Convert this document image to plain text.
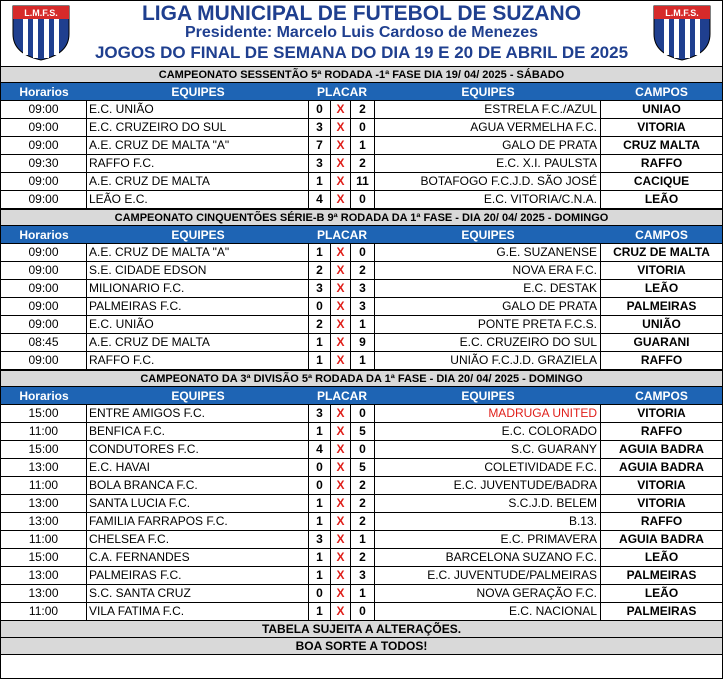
L.M.F.S.	L.M.F.S.
LIGA MUNICIPAL DE FUTEBOL DE SUZANO
Presidente: Marcelo Luis Cardoso de Menezes
JOGOS DO FINAL DE SEMANA DO DIA 19 E 20 DE ABRIL DE 2025
CAMPEONATO SESSENTÃO 5ª RODADA -1ª FASE DIA 19/ 04/ 2025 - SÁBADO
Horarios	EQUIPES	PLACAR	EQUIPES	CAMPOS
09:00	E.C. UNIÃO	0	X	2	ESTRELA F.C./AZUL	UNIAO
09:00	E.C. CRUZEIRO DO SUL	3	X	0	AGUA VERMELHA F.C.	VITORIA
09:00	A.E. CRUZ DE MALTA "A"	7	X	1	GALO DE PRATA	CRUZ MALTA
09:30	RAFFO F.C.	3	X	2	E.C. X.I. PAULSTA	RAFFO
09:00	A.E. CRUZ DE MALTA	1	X 11	BOTAFOGO F.C.J.D. SÃO JOSÉ	CACIQUE
09:00	LEÃO E.C.	4	X	0	E.C. VITORIA/C.N.A.	LEÃO
CAMPEONATO CINQUENTÕES SÉRIE-B 9ª RODADA DA 1ª FASE - DIA 20/ 04/ 2025 - DOMINGO
Horarios	EQUIPES	PLACAR	EQUIPES	CAMPOS
09:00	A.E. CRUZ DE MALTA "A"	1	X	0	G.E. SUZANENSE	CRUZ DE MALTA
09:00	S.E. CIDADE EDSON	2	X	2	NOVA ERA F.C.	VITORIA
09:00	MILIONARIO F.C.	3	X	3	E.C. DESTAK	LEÃO
09:00	PALMEIRAS F.C.	0	X	3	GALO DE PRATA	PALMEIRAS
09:00	E.C. UNIÃO	2	X	1	PONTE PRETA F.C.S.	UNIÃO
08:45	A.E. CRUZ DE MALTA	1	X	9	E.C. CRUZEIRO DO SUL	GUARANI
09:00	RAFFO F.C.	1	X	1	UNIÃO F.C.J.D. GRAZIELA	RAFFO
CAMPEONATO DA 3ª DIVISÃO 5ª RODADA DA 1ª FASE - DIA 20/ 04/ 2025 - DOMINGO
Horarios	EQUIPES	PLACAR	EQUIPES	CAMPOS
15:00	ENTRE AMIGOS F.C.	3	X	0	MADRUGA UNITED	VITORIA
11:00	BENFICA F.C.	1	X	5	E.C. COLORADO	RAFFO
15:00	CONDUTORES F.C.	4	X	0	S.C. GUARANY	AGUIA BADRA
13:00	E.C. HAVAI	0	X	5	COLETIVIDADE F.C.	AGUIA BADRA
11:00	BOLA BRANCA F.C.	0	X	2	E.C. JUVENTUDE/BADRA	VITORIA
13:00	SANTA LUCIA F.C.	1	X	2	S.C.J.D. BELEM	VITORIA
13:00	FAMILIA FARRAPOS F.C.	1	X	2	B.13.	RAFFO
11:00	CHELSEA F.C.	3	X	1	E.C. PRIMAVERA	AGUIA BADRA
15:00	C.A. FERNANDES	1	X	2	BARCELONA SUZANO F.C.	LEÃO
13:00	PALMEIRAS F.C.	1	X	3	E.C. JUVENTUDE/PALMEIRAS	PALMEIRAS
13:00	S.C. SANTA CRUZ	0	X	1	NOVA GERAÇÃO F.C.	LEÃO
11:00	VILA FATIMA F.C.	1	X	0	E.C. NACIONAL	PALMEIRAS
TABELA SUJEITA A ALTERAÇÕES.
BOA SORTE A TODOS!
